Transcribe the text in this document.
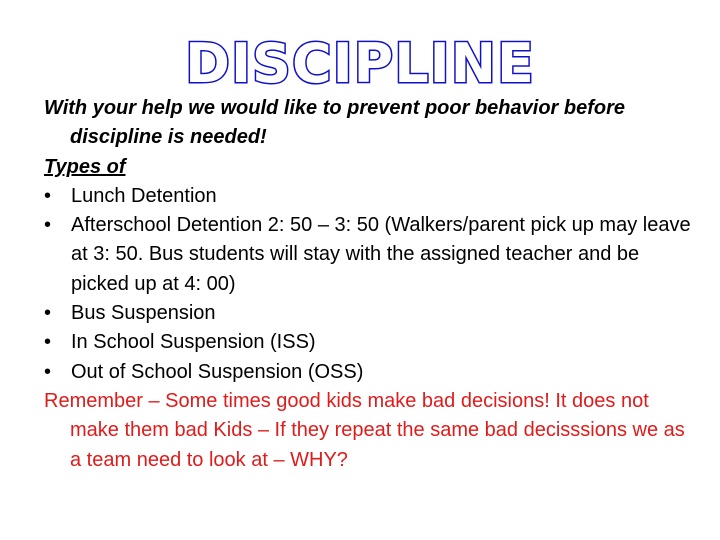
DISCIPLINE
With your help we would like to prevent poor behavior before discipline is needed!
Types of
• Lunch Detention
• Afterschool Detention 2: 50 – 3: 50 (Walkers/parent pick up may leave at 3: 50. Bus students will stay with the assigned teacher and be picked up at 4: 00)
• Bus Suspension
• In School Suspension (ISS)
• Out of School Suspension (OSS)
Remember – Some times good kids make bad decisions! It does not make them bad Kids – If they repeat the same bad decisssions we as a team need to look at – WHY?
